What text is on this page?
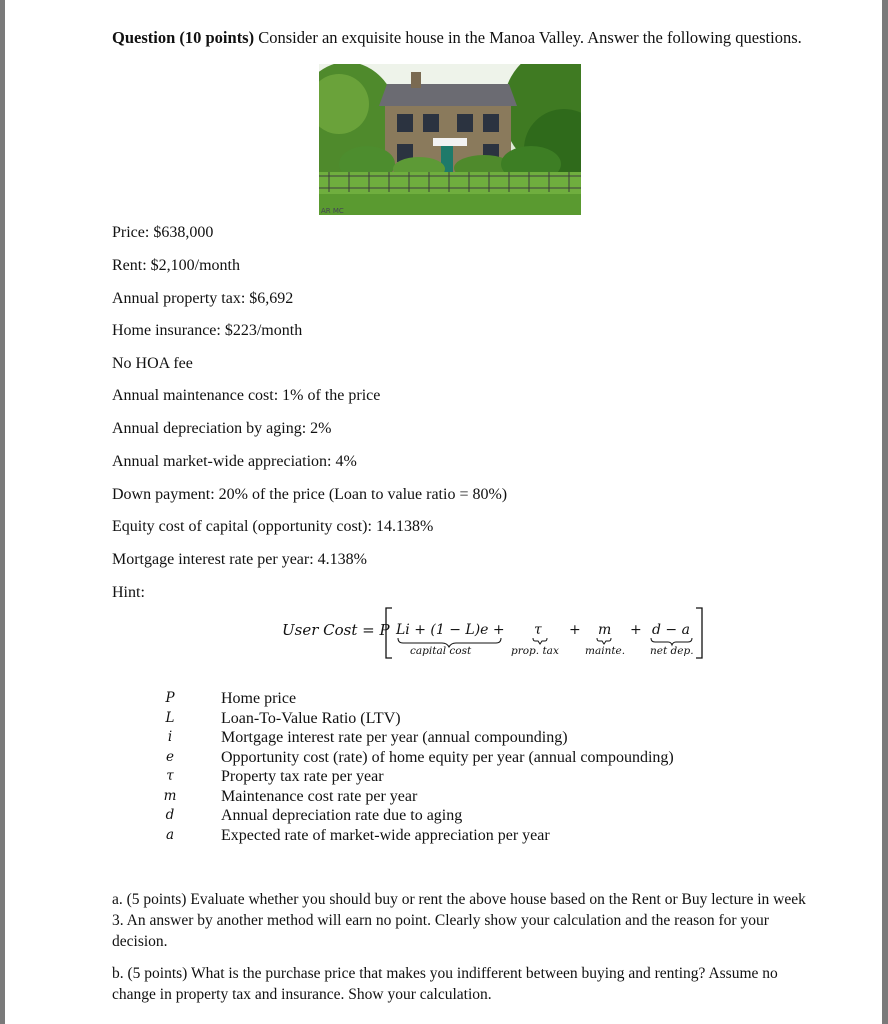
Question (10 points) Consider an exquisite house in the Manoa Valley. Answer the following questions.
AR MC

Price: $638,000

Rent: $2,100/month

Annual property tax: $6,692

Home insurance: $223/month

No HOA fee

Annual maintenance cost: 1% of the price

Annual depreciation by aging: 2%

Annual market-wide appreciation: 4%

Down payment: 20% of the price (Loan to value ratio = 80%)

Equity cost of capital (opportunity cost): 14.138%

Mortgage interest rate per year: 4.138%

Hint:

User Cost = P Li + (1 − L)e + τ + m + d − a
capital cost	prop. tax mainte. net dep.
P	Home price
L	Loan-To-Value Ratio (LTV)
i	Mortgage interest rate per year (annual compounding)
e	Opportunity cost (rate) of home equity per year (annual compounding)
τ	Property tax rate per year
m	Maintenance cost rate per year
d	Annual depreciation rate due to aging
a	Expected rate of market-wide appreciation per year

a. (5 points) Evaluate whether you should buy or rent the above house based on the Rent or Buy lecture in week 3. An answer by another method will earn no point. Clearly show your calculation and the reason for your decision.

b. (5 points) What is the purchase price that makes you indifferent between buying and renting? Assume no change in property tax and insurance. Show your calculation.
